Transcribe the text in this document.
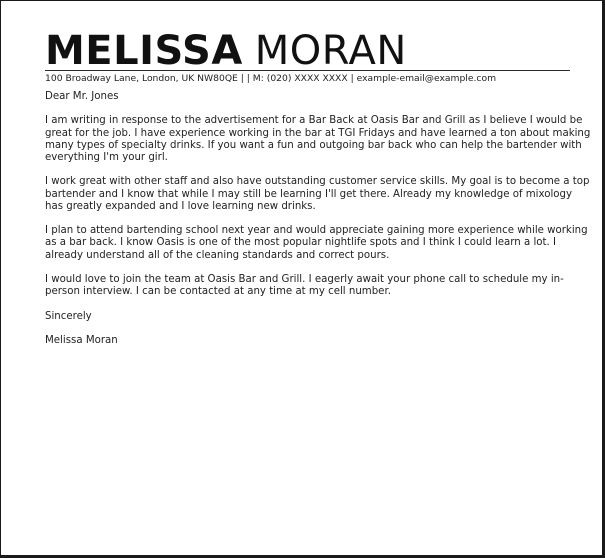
MELISSA MORAN
100 Broadway Lane, London, UK NW80QE | | M: (020) XXXX XXXX | example-email@example.com

Dear Mr. Jones

I am writing in response to the advertisement for a Bar Back at Oasis Bar and Grill as I believe I would be great for the job. I have experience working in the bar at TGI Fridays and have learned a ton about making many types of specialty drinks. If you want a fun and outgoing bar back who can help the bartender with everything I'm your girl.

I work great with other staff and also have outstanding customer service skills. My goal is to become a top bartender and I know that while I may still be learning I'll get there. Already my knowledge of mixology has greatly expanded and I love learning new drinks.

I plan to attend bartending school next year and would appreciate gaining more experience while working as a bar back. I know Oasis is one of the most popular nightlife spots and I think I could learn a lot. I already understand all of the cleaning standards and correct pours.

I would love to join the team at Oasis Bar and Grill. I eagerly await your phone call to schedule my in-person interview. I can be contacted at any time at my cell number.

Sincerely

Melissa Moran
